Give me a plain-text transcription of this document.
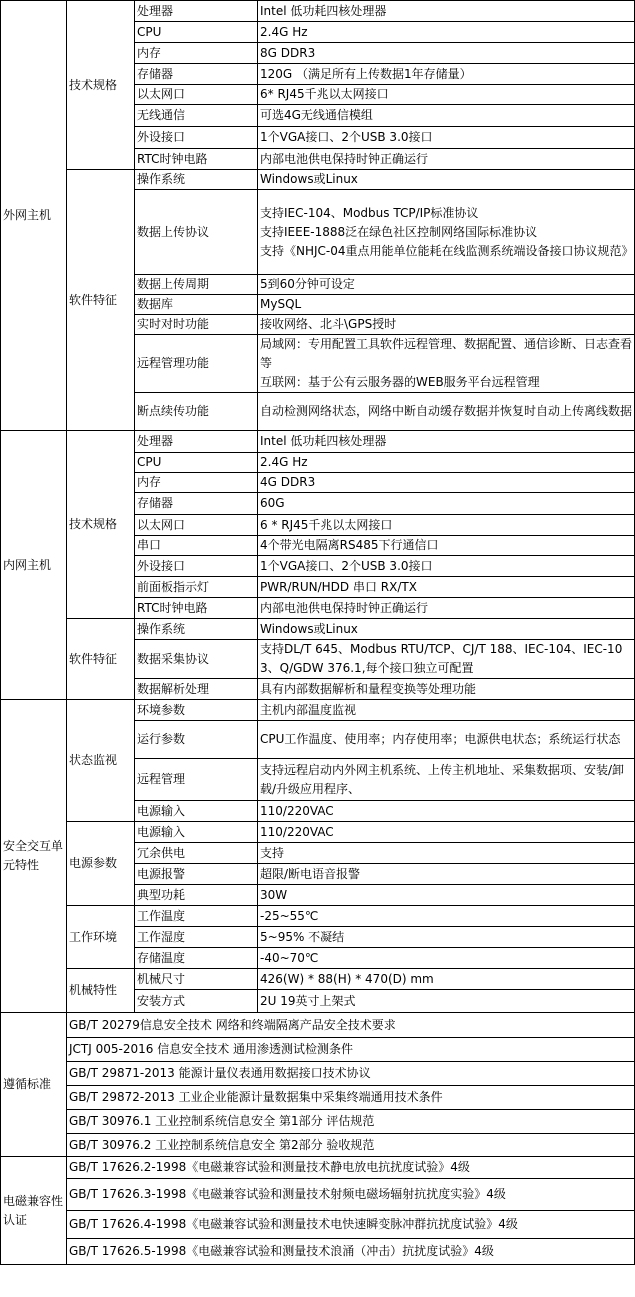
外网主机	技术规格	处理器	Intel 低功耗四核处理器
		CPU	2.4G Hz
		内存	8G DDR3
		存储器	120G （满足所有上传数据1年存储量）
		以太网口	6* RJ45千兆以太网接口
		无线通信	可选4G无线通信模组
		外设接口	1个VGA接口、2个USB 3.0接口
		RTC时钟电路	内部电池供电保持时钟正确运行
	软件特征	操作系统	Windows或Linux
		数据上传协议	支持IEC-104、Modbus TCP/IP标准协议
支持IEEE-1888泛在绿色社区控制网络国际标准协议
支持《NHJC-04重点用能单位能耗在线监测系统端设备接口协议规范》
		数据上传周期	5到60分钟可设定
		数据库	MySQL
		实时对时功能	接收网络、北斗\GPS授时
		远程管理功能	局域网：专用配置工具软件远程管理、数据配置、通信诊断、日志查看等
互联网：基于公有云服务器的WEB服务平台远程管理
		断点续传功能	自动检测网络状态，网络中断自动缓存数据并恢复时自动上传离线数据
内网主机	技术规格	处理器	Intel 低功耗四核处理器
		CPU	2.4G Hz
		内存	4G DDR3
		存储器	60G
		以太网口	6 * RJ45千兆以太网接口
		串口	4个带光电隔离RS485下行通信口
		外设接口	1个VGA接口、2个USB 3.0接口
		前面板指示灯	PWR/RUN/HDD 串口 RX/TX
		RTC时钟电路	内部电池供电保持时钟正确运行
	软件特征	操作系统	Windows或Linux
		数据采集协议	支持DL/T 645、Modbus RTU/TCP、CJ/T 188、IEC-104、IEC-103、Q/GDW 376.1,每个接口独立可配置
		数据解析处理	具有内部数据解析和量程变换等处理功能
安全交互单元特性	状态监视	环境参数	主机内部温度监视
		运行参数	CPU工作温度、使用率；内存使用率；电源供电状态；系统运行状态
		远程管理	支持远程启动内外网主机系统、上传主机地址、采集数据项、安装/卸载/升级应用程序、
		电源输入	110/220VAC
	电源参数	电源输入	110/220VAC
		冗余供电	支持
		电源报警	超限/断电语音报警
		典型功耗	30W
	工作环境	工作温度	-25~55℃
		工作湿度	5~95% 不凝结
		存储温度	-40~70℃
	机械特性	机械尺寸	426(W) * 88(H) * 470(D) mm
		安装方式	2U 19英寸上架式
遵循标准	GB/T 20279信息安全技术 网络和终端隔离产品安全技术要求		
	JCTJ 005-2016 信息安全技术 通用渗透测试检测条件		
	GB/T 29871-2013 能源计量仪表通用数据接口技术协议		
	GB/T 29872-2013 工业企业能源计量数据集中采集终端通用技术条件		
	GB/T 30976.1 工业控制系统信息安全 第1部分 评估规范		
	GB/T 30976.2 工业控制系统信息安全 第2部分 验收规范		
电磁兼容性认证	GB/T 17626.2-1998《电磁兼容试验和测量技术静电放电抗扰度试验》4级		
	GB/T 17626.3-1998《电磁兼容试验和测量技术射频电磁场辐射抗扰度实验》4级		
	GB/T 17626.4-1998《电磁兼容试验和测量技术电快速瞬变脉冲群抗扰度试验》4级		
	GB/T 17626.5-1998《电磁兼容试验和测量技术浪涌（冲击）抗扰度试验》4级		
